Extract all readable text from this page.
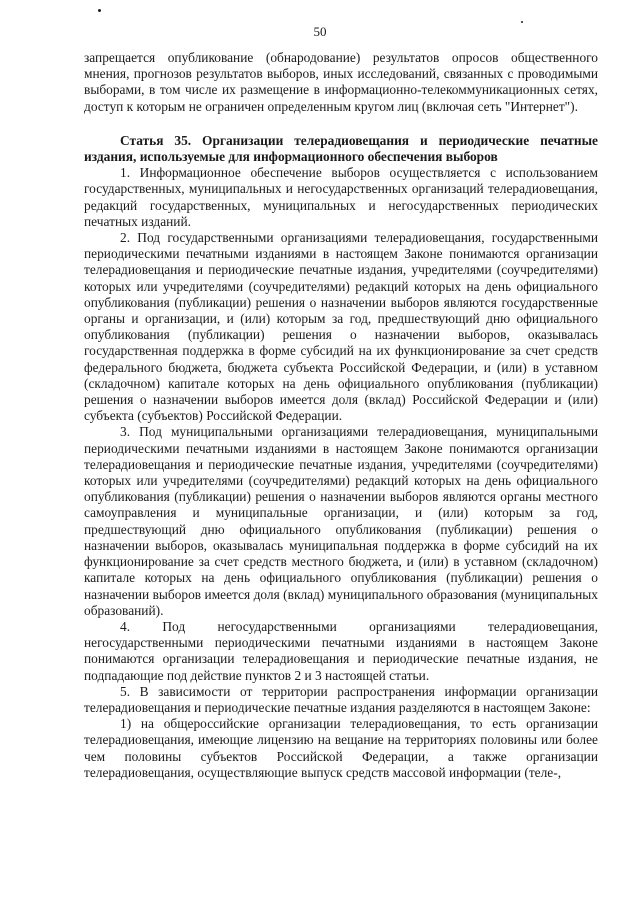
50

запрещается опубликование (обнародование) результатов опросов общественного мнения, прогнозов результатов выборов, иных исследований, связанных с проводимыми выборами, в том числе их размещение в информационно-телекоммуникационных сетях, доступ к которым не ограничен определенным кругом лиц (включая сеть "Интернет").

Статья 35. Организации телерадиовещания и периодические печатные издания, используемые для информационного обеспечения выборов

1. Информационное обеспечение выборов осуществляется с использованием государственных, муниципальных и негосударственных организаций телерадиовещания, редакций государственных, муниципальных и негосударственных периодических печатных изданий.

2. Под государственными организациями телерадиовещания, государственными периодическими печатными изданиями в настоящем Законе понимаются организации телерадиовещания и периодические печатные издания, учредителями (соучредителями) которых или учредителями (соучредителями) редакций которых на день официального опубликования (публикации) решения о назначении выборов являются государственные органы и организации, и (или) которым за год, предшествующий дню официального опубликования (публикации) решения о назначении выборов, оказывалась государственная поддержка в форме субсидий на их функционирование за счет средств федерального бюджета, бюджета субъекта Российской Федерации, и (или) в уставном (складочном) капитале которых на день официального опубликования (публикации) решения о назначении выборов имеется доля (вклад) Российской Федерации и (или) субъекта (субъектов) Российской Федерации.

3. Под муниципальными организациями телерадиовещания, муниципальными периодическими печатными изданиями в настоящем Законе понимаются организации телерадиовещания и периодические печатные издания, учредителями (соучредителями) которых или учредителями (соучредителями) редакций которых на день официального опубликования (публикации) решения о назначении выборов являются органы местного самоуправления и муниципальные организации, и (или) которым за год, предшествующий дню официального опубликования (публикации) решения о назначении выборов, оказывалась муниципальная поддержка в форме субсидий на их функционирование за счет средств местного бюджета, и (или) в уставном (складочном) капитале которых на день официального опубликования (публикации) решения о назначении выборов имеется доля (вклад) муниципального образования (муниципальных образований).

4. Под негосударственными организациями телерадиовещания, негосударственными периодическими печатными изданиями в настоящем Законе понимаются организации телерадиовещания и периодические печатные издания, не подпадающие под действие пунктов 2 и 3 настоящей статьи.

5. В зависимости от территории распространения информации организации телерадиовещания и периодические печатные издания разделяются в настоящем Законе:

1) на общероссийские организации телерадиовещания, то есть организации телерадиовещания, имеющие лицензию на вещание на территориях половины или более чем половины субъектов Российской Федерации, а также организации телерадиовещания, осуществляющие выпуск средств массовой информации (теле-,
